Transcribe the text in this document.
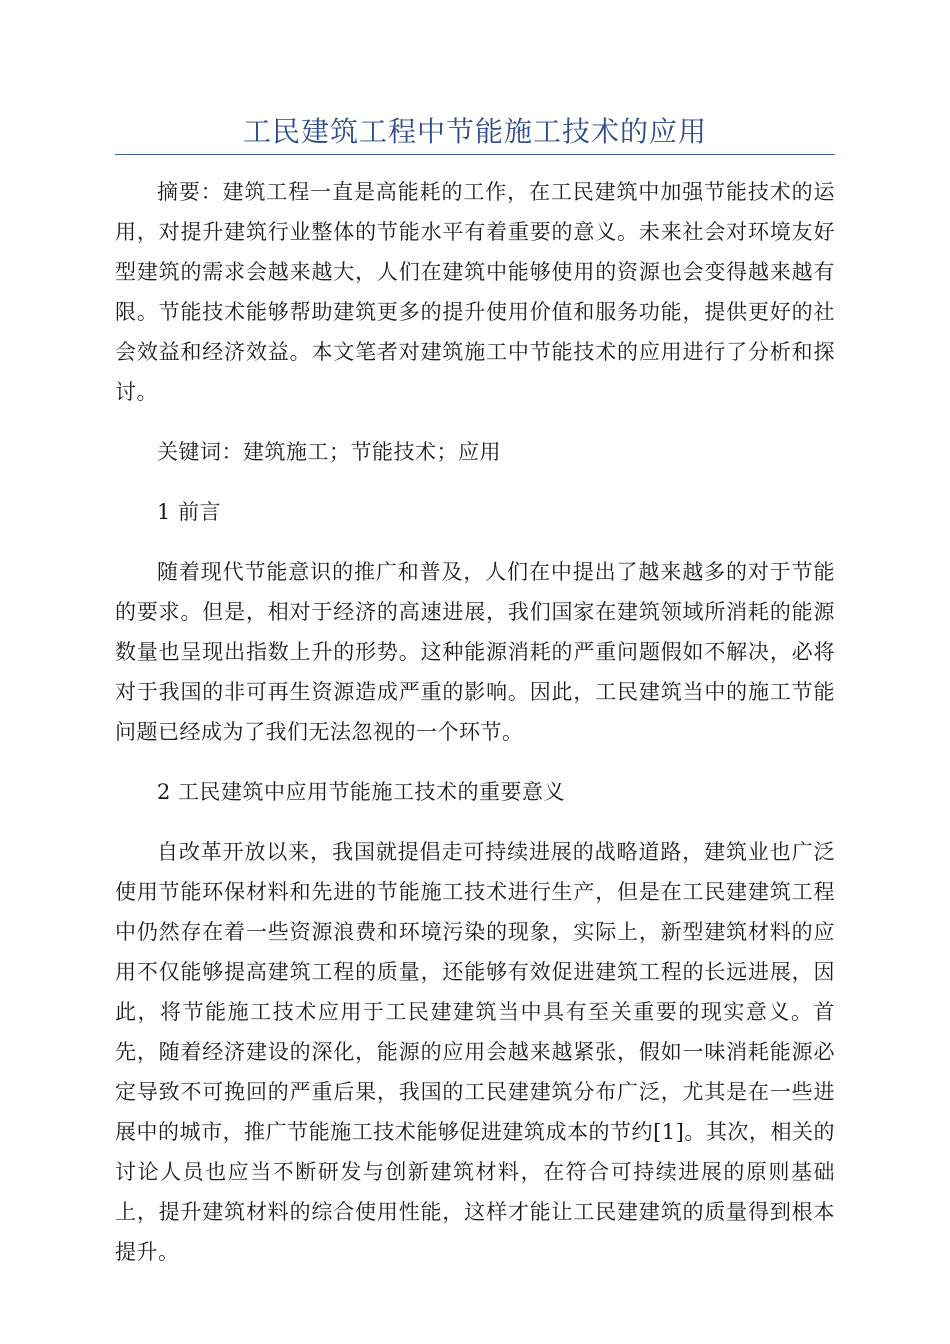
工民建筑工程中节能施工技术的应用

摘要：建筑工程一直是高能耗的工作，在工民建筑中加强节能技术的运用，对提升建筑行业整体的节能水平有着重要的意义。未来社会对环境友好型建筑的需求会越来越大，人们在建筑中能够使用的资源也会变得越来越有限。节能技术能够帮助建筑更多的提升使用价值和服务功能，提供更好的社会效益和经济效益。本文笔者对建筑施工中节能技术的应用进行了分析和探讨。

关键词：建筑施工；节能技术；应用

1 前言

随着现代节能意识的推广和普及，人们在中提出了越来越多的对于节能的要求。但是，相对于经济的高速进展，我们国家在建筑领域所消耗的能源数量也呈现出指数上升的形势。这种能源消耗的严重问题假如不解决，必将对于我国的非可再生资源造成严重的影响。因此，工民建筑当中的施工节能问题已经成为了我们无法忽视的一个环节。

2 工民建筑中应用节能施工技术的重要意义

自改革开放以来，我国就提倡走可持续进展的战略道路，建筑业也广泛使用节能环保材料和先进的节能施工技术进行生产，但是在工民建建筑工程中仍然存在着一些资源浪费和环境污染的现象，实际上，新型建筑材料的应用不仅能够提高建筑工程的质量，还能够有效促进建筑工程的长远进展，因此，将节能施工技术应用于工民建建筑当中具有至关重要的现实意义。首先，随着经济建设的深化，能源的应用会越来越紧张，假如一味消耗能源必定导致不可挽回的严重后果，我国的工民建建筑分布广泛，尤其是在一些进展中的城市，推广节能施工技术能够促进建筑成本的节约[1]。其次，相关的讨论人员也应当不断研发与创新建筑材料，在符合可持续进展的原则基础上，提升建筑材料的综合使用性能，这样才能让工民建建筑的质量得到根本提升。
